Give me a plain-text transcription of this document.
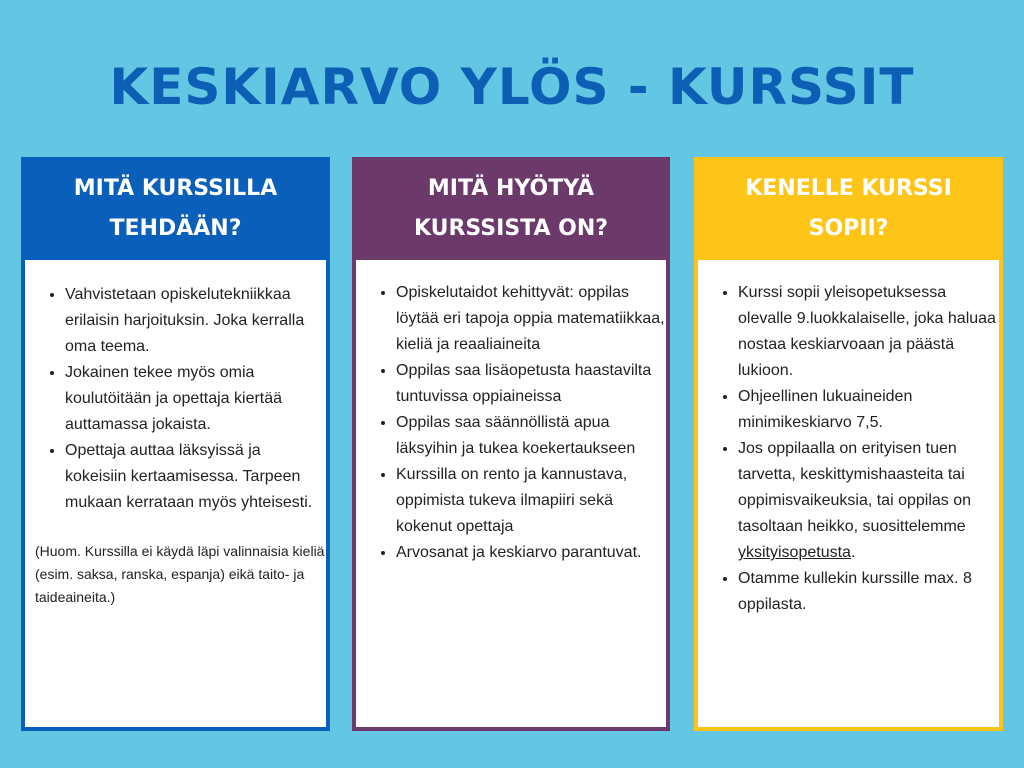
KESKIARVO YLÖS - KURSSIT
MITÄ KURSSILLA
TEHDÄÄN?
• Vahvistetaan opiskelutekniikkaa erilaisin harjoituksin. Joka kerralla oma teema.
• Jokainen tekee myös omia koulutöitään ja opettaja kiertää auttamassa jokaista.
• Opettaja auttaa läksyissä ja kokeisiin kertaamisessa. Tarpeen mukaan kerrataan myös yhteisesti.
(Huom. Kurssilla ei käydä läpi valinnaisia kieliä (esim. saksa, ranska, espanja) eikä taito- ja taideaineita.)
MITÄ HYÖTYÄ
KURSSISTA ON?
• Opiskelutaidot kehittyvät: oppilas löytää eri tapoja oppia matematiikkaa, kieliä ja reaaliaineita
• Oppilas saa lisäopetusta haastavilta tuntuvissa oppiaineissa
• Oppilas saa säännöllistä apua läksyihin ja tukea koekertaukseen
• Kurssilla on rento ja kannustava, oppimista tukeva ilmapiiri sekä kokenut opettaja
• Arvosanat ja keskiarvo parantuvat.
KENELLE KURSSI
SOPII?
• Kurssi sopii yleisopetuksessa olevalle 9.luokkalaiselle, joka haluaa nostaa keskiarvoaan ja päästä lukioon.
• Ohjeellinen lukuaineiden minimikeskiarvo 7,5.
• Jos oppilaalla on erityisen tuen tarvetta, keskittymishaasteita tai oppimisvaikeuksia, tai oppilas on tasoltaan heikko, suosittelemme yksityisopetusta.
• Otamme kullekin kurssille max. 8 oppilasta.
